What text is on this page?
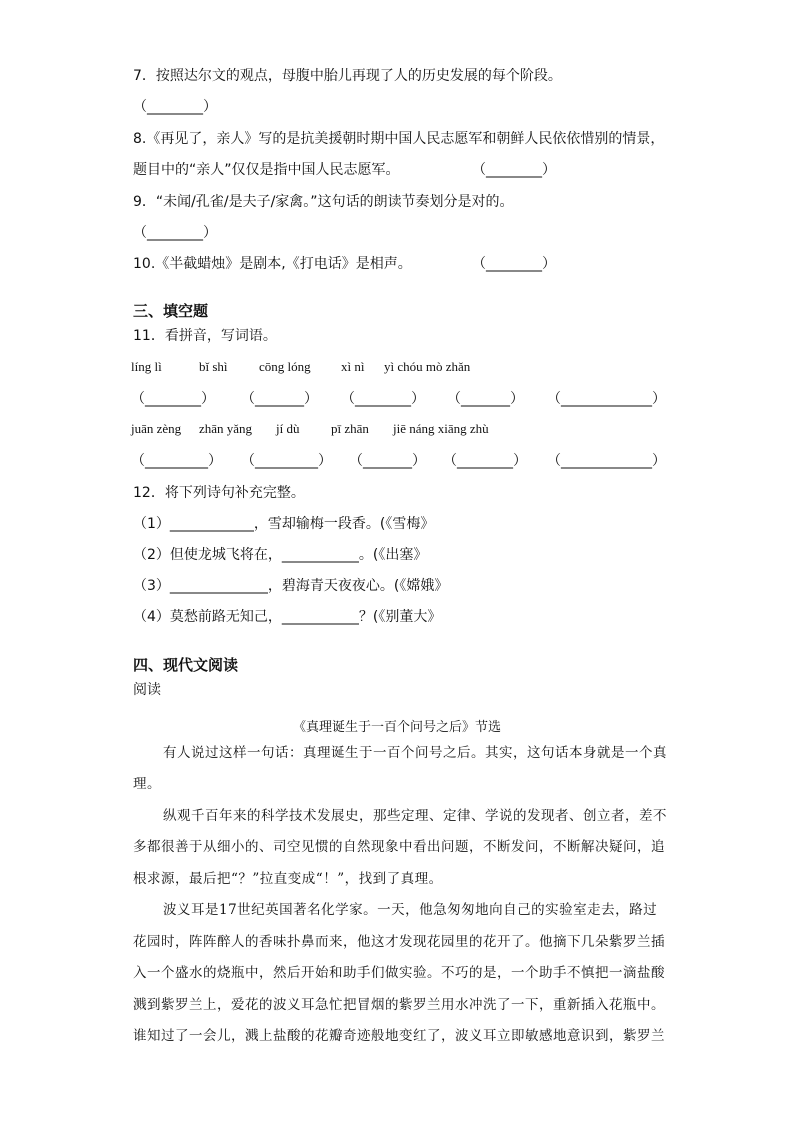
7．按照达尔文的观点，母腹中胎儿再现了人的历史发展的每个阶段。
（________）
8.《再见了，亲人》写的是抗美援朝时期中国人民志愿军和朝鲜人民依依惜别的情景，
题目中的“亲人”仅仅是指中国人民志愿军。	（________）
9．“未闻/孔雀/是夫子/家禽。”这句话的朗读节奏划分是对的。
（________）
10.《半截蜡烛》是剧本,《打电话》是相声。	（________）
三、填空题
11．看拼音，写词语。
líng lì	bǐ shì cōng lóng xì nì yì chóu mò zhǎn
（________） （_______） （________） （_______） （_____________）
juān zèng zhān yǎng jí dù pī zhān jiē náng xiāng zhù
（_________） （_________） （_______） （________） （_____________）
12．将下列诗句补充完整。
（1）____________，雪却输梅一段香。(《雪梅》
（2）但使龙城飞将在，___________。(《出塞》
（3）______________，碧海青天夜夜心。(《嫦娥》
（4）莫愁前路无知己，___________？(《别董大》
四、现代文阅读
阅读
《真理诞生于一百个问号之后》节选
有人说过这样一句话：真理诞生于一百个问号之后。其实，这句话本身就是一个真
理。
纵观千百年来的科学技术发展史，那些定理、定律、学说的发现者、创立者，差不
多都很善于从细小的、司空见惯的自然现象中看出问题，不断发问，不断解决疑问，追
根求源，最后把“？”拉直变成“！”，找到了真理。
波义耳是17世纪英国著名化学家。一天，他急匆匆地向自己的实验室走去，路过
花园时，阵阵醉人的香味扑鼻而来，他这才发现花园里的花开了。他摘下几朵紫罗兰插
入一个盛水的烧瓶中，然后开始和助手们做实验。不巧的是，一个助手不慎把一滴盐酸
溅到紫罗兰上，爱花的波义耳急忙把冒烟的紫罗兰用水冲洗了一下，重新插入花瓶中。
谁知过了一会儿，溅上盐酸的花瓣奇迹般地变红了，波义耳立即敏感地意识到，紫罗兰
